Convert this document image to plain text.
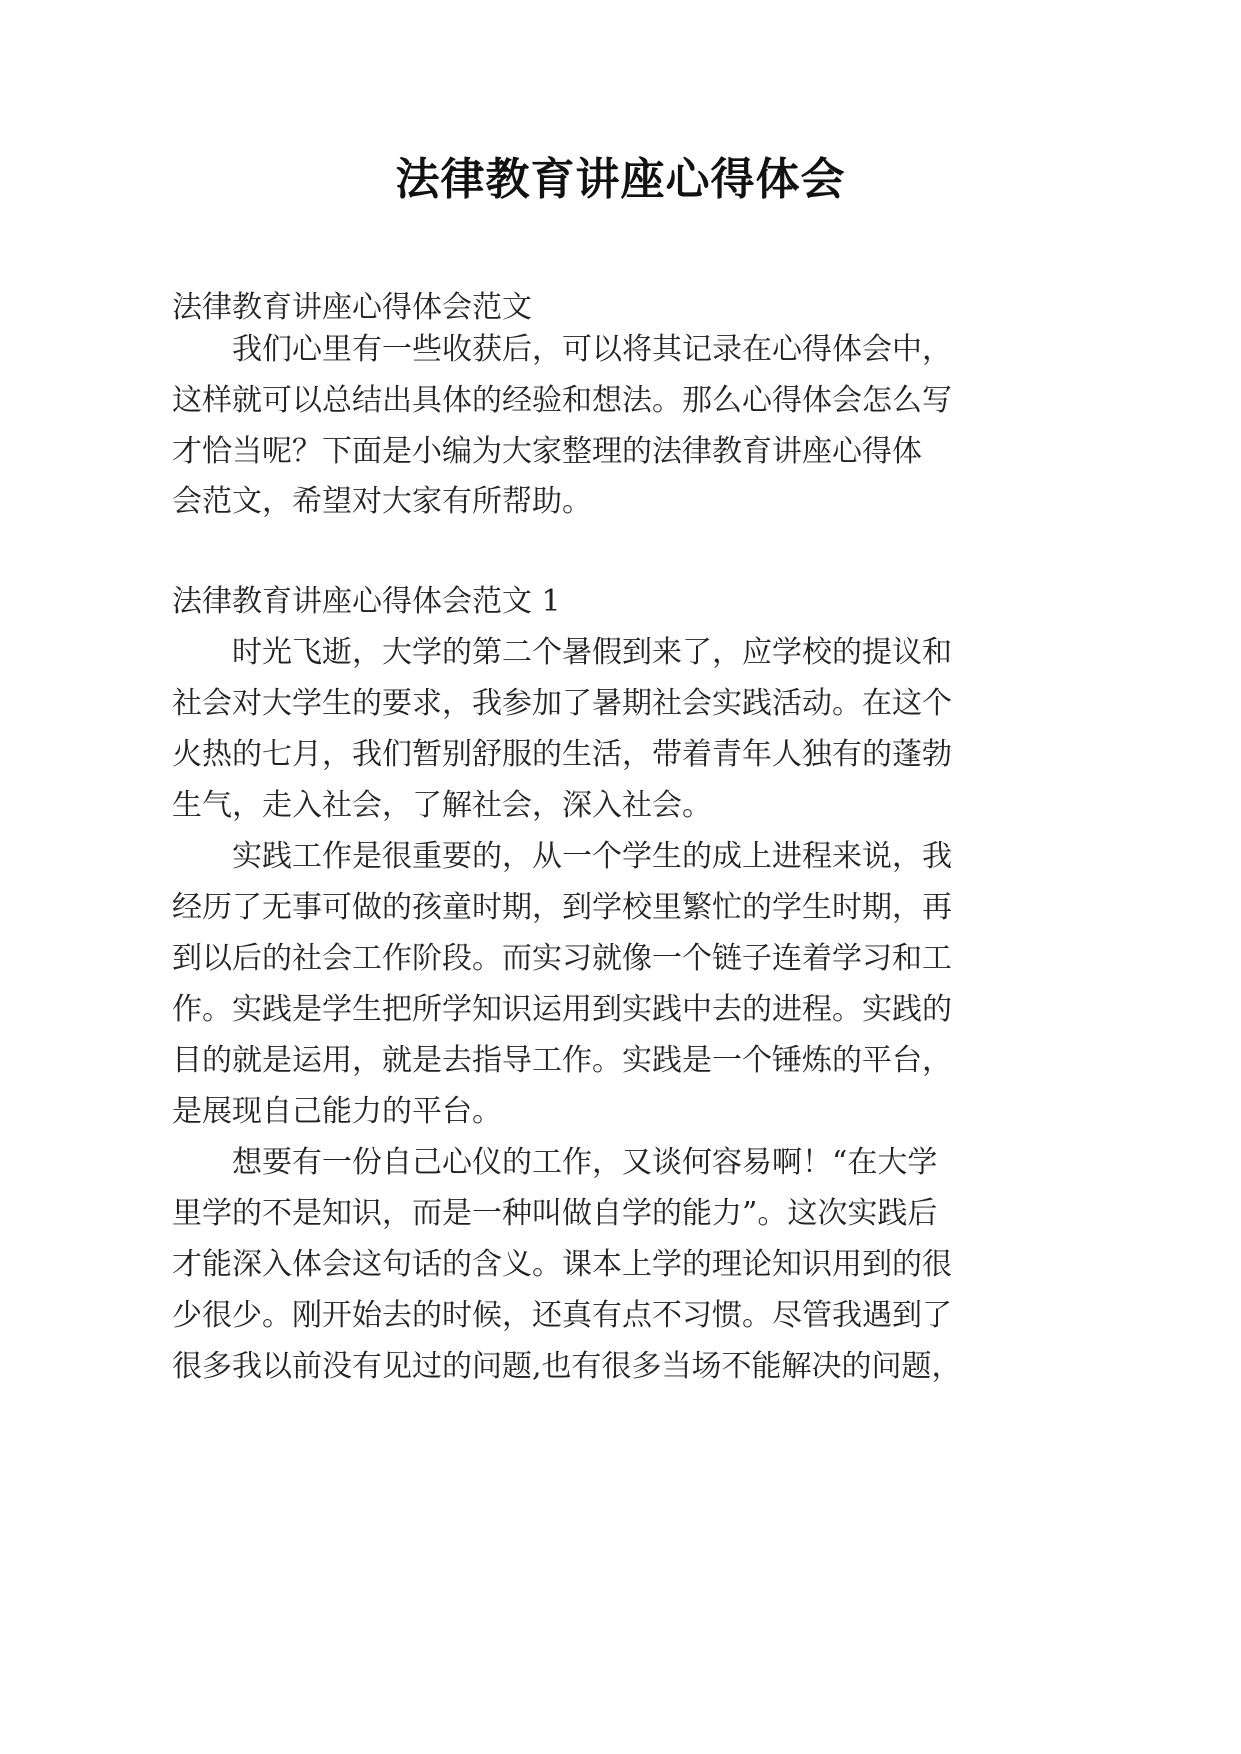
法律教育讲座心得体会
法律教育讲座心得体会范文
我们心里有一些收获后，可以将其记录在心得体会中，
这样就可以总结出具体的经验和想法。那么心得体会怎么写
才恰当呢？下面是小编为大家整理的法律教育讲座心得体
会范文，希望对大家有所帮助。
法律教育讲座心得体会范文 1
时光飞逝，大学的第二个暑假到来了，应学校的提议和
社会对大学生的要求，我参加了暑期社会实践活动。在这个
火热的七月，我们暂别舒服的生活，带着青年人独有的蓬勃
生气，走入社会，了解社会，深入社会。
实践工作是很重要的，从一个学生的成上进程来说，我
经历了无事可做的孩童时期，到学校里繁忙的学生时期，再
到以后的社会工作阶段。而实习就像一个链子连着学习和工
作。实践是学生把所学知识运用到实践中去的进程。实践的
目的就是运用，就是去指导工作。实践是一个锤炼的平台，
是展现自己能力的平台。
想要有一份自己心仪的工作，又谈何容易啊！“在大学
里学的不是知识，而是一种叫做自学的能力”。这次实践后
才能深入体会这句话的含义。课本上学的理论知识用到的很
少很少。刚开始去的时候，还真有点不习惯。尽管我遇到了
很多我以前没有见过的问题,也有很多当场不能解决的问题，
